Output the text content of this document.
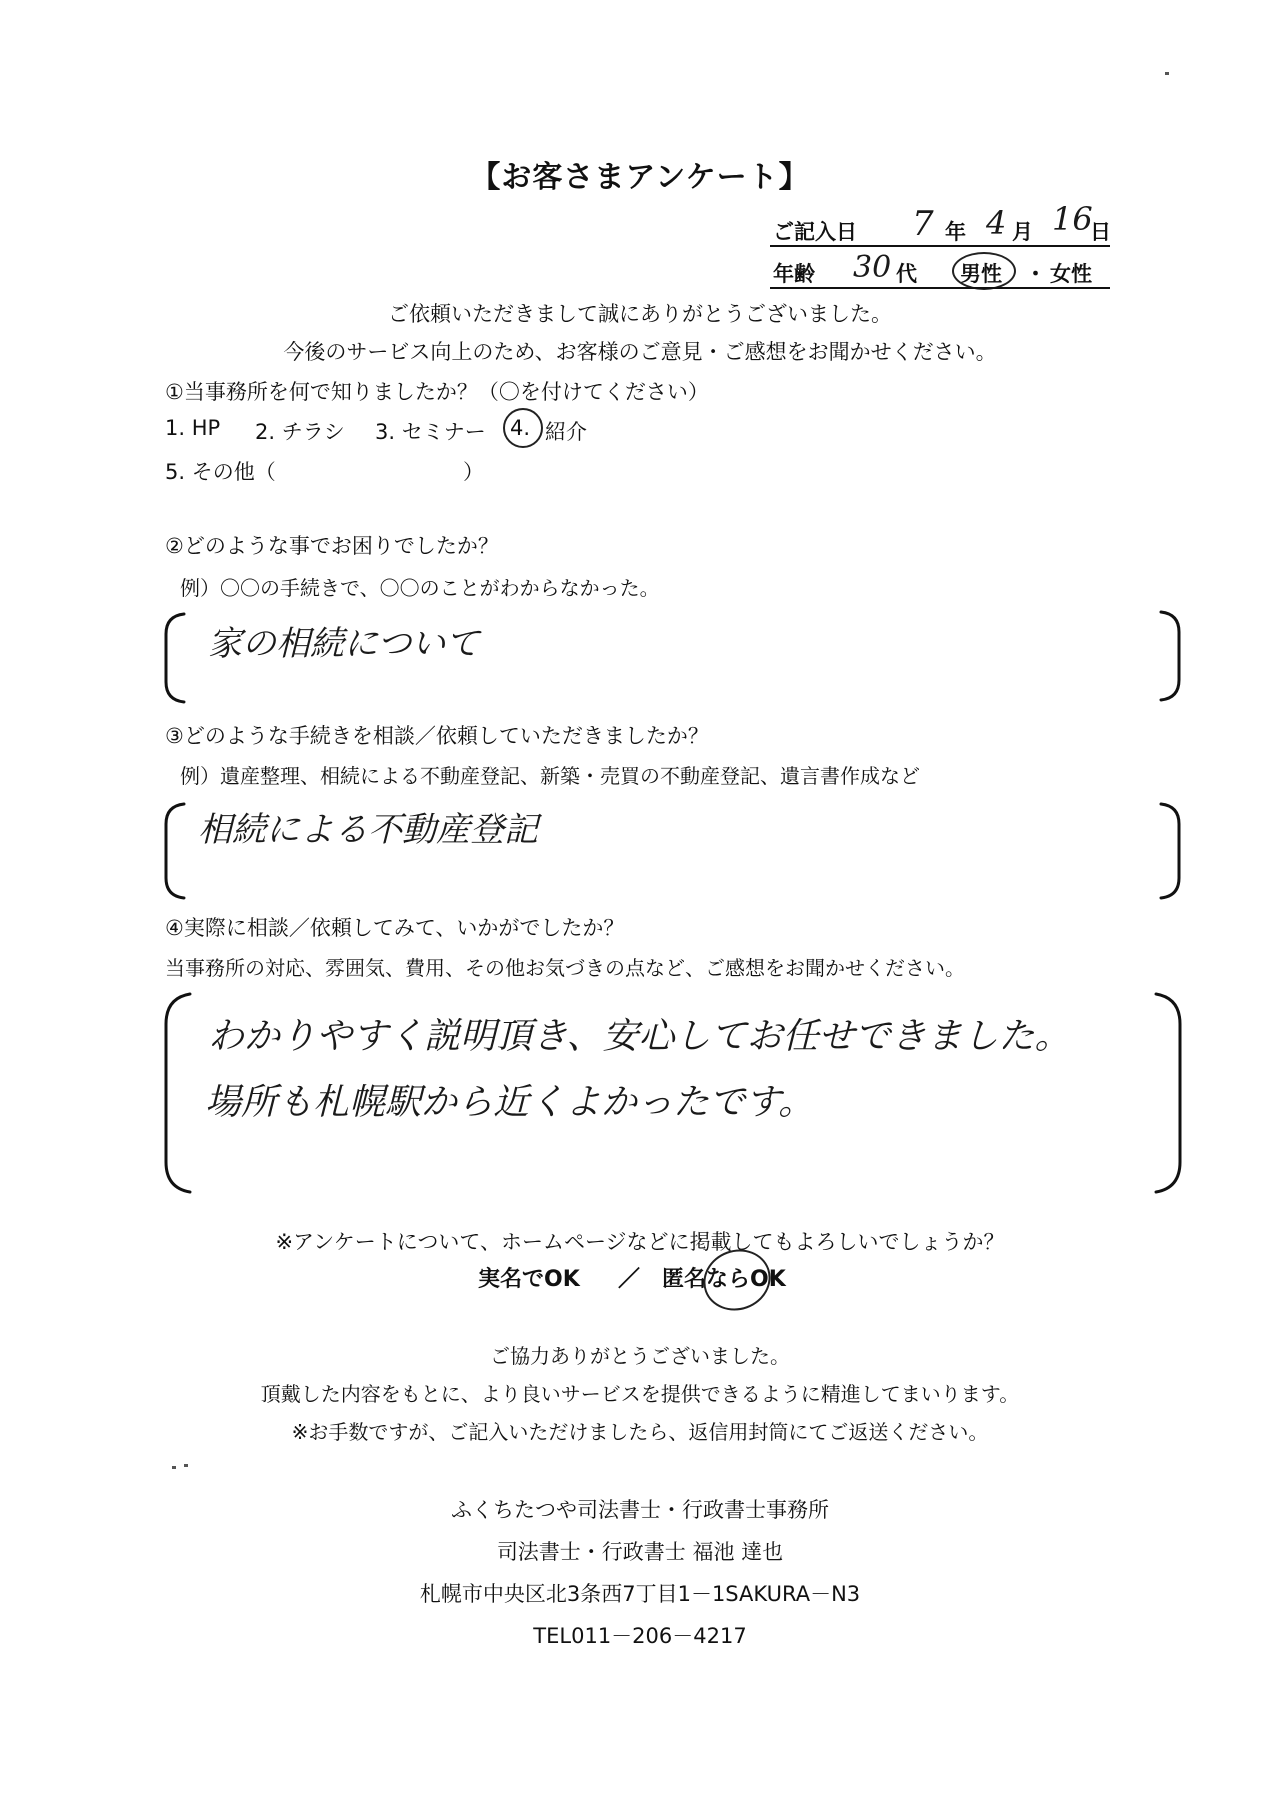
【お客さまアンケート】
ご記入日 7 年 4 月 16
日
年齢 30 代 男性 ・ 女性
ご依頼いただきまして誠にありがとうございました。
今後のサービス向上のため、お客様のご意見・ご感想をお聞かせください。
①当事務所を何で知りましたか？（〇を付けてください）
1. HP 2. チラシ 3. セミナー 4. 紹介
5. その他（	）
②どのような事でお困りでしたか？
例）〇〇の手続きで、〇〇のことがわからなかった。
家の相続について
③どのような手続きを相談／依頼していただきましたか？
例）遺産整理、相続による不動産登記、新築・売買の不動産登記、遺言書作成など
相続による不動産登記
④実際に相談／依頼してみて、いかがでしたか？
当事務所の対応、雰囲気、費用、その他お気づきの点など、ご感想をお聞かせください。
わかりやすく説明頂き、安心してお任せできました。
場所も札幌駅から近くよかったです。
※アンケートについて、ホームページなどに掲載してもよろしいでしょうか？
実名でOK ／ 匿名ならOK
ご協力ありがとうございました。
頂戴した内容をもとに、より良いサービスを提供できるように精進してまいります。
※お手数ですが、ご記入いただけましたら、返信用封筒にてご返送ください。
ふくちたつや司法書士・行政書士事務所
司法書士・行政書士 福池 達也
札幌市中央区北3条西7丁目1－1SAKURA－N3
TEL011－206－4217
